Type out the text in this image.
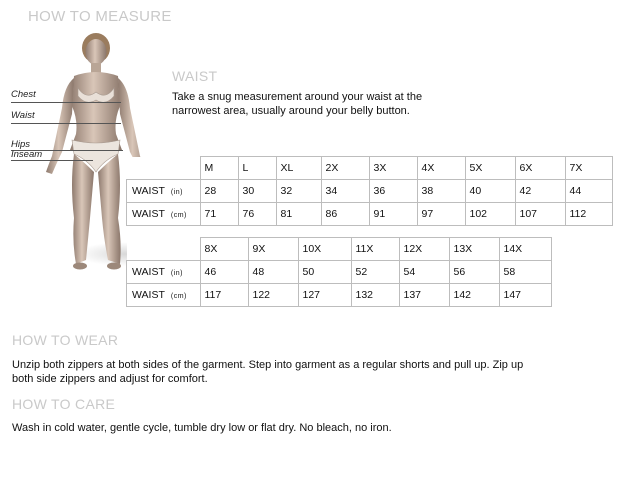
HOW TO MEASURE
Chest
Waist
Hips
Inseam
WAIST
Take a snug measurement around your waist at the
narrowest area, usually around your belly button.
	M	L	XL	2X	3X	4X	5X	6X	7X
WAIST (in)	28	30	32	34	36	38	40	42	44
WAIST (cm)	71	76	81	86	91	97	102	107	112
	8X	9X	10X	11X	12X	13X	14X
WAIST (in)	46	48	50	52	54	56	58
WAIST (cm)	117	122	127	132	137	142	147
HOW TO WEAR
Unzip both zippers at both sides of the garment. Step into garment as a regular shorts and pull up. Zip up
both side zippers and adjust for comfort.
HOW TO CARE
Wash in cold water, gentle cycle, tumble dry low or flat dry. No bleach, no iron.
